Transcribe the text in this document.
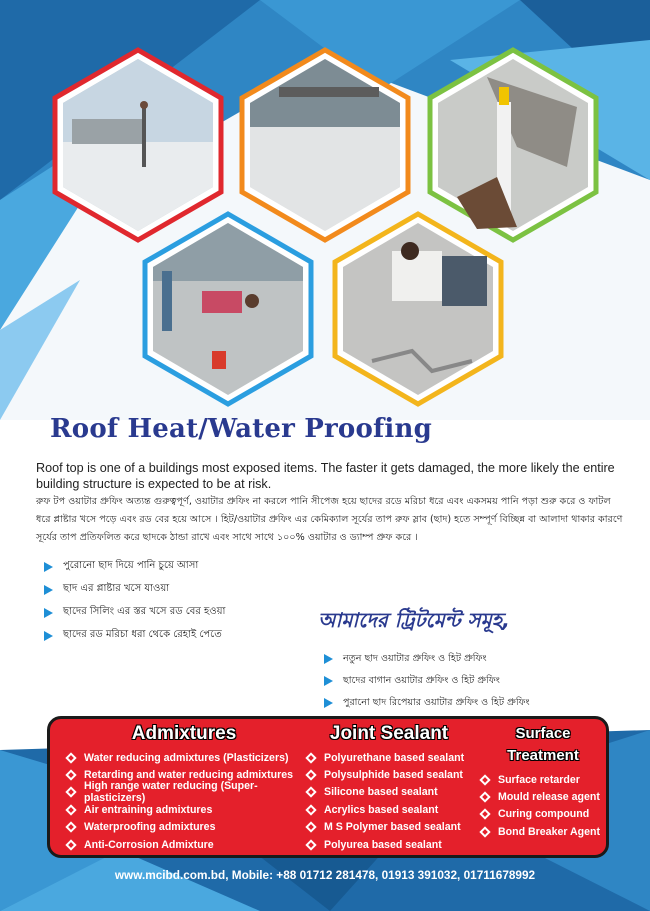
Roof Heat/Water Proofing

Roof top is one of a buildings most exposed items. The faster it gets damaged, the more likely the entire building structure is expected to be at risk.

রুফ টপ ওয়াটার প্রুফিং অত্যন্ত গুরুত্বপূর্ণ, ওয়াটার প্রুফিং না করলে পানি সীপেজ হয়ে ছাদের রডে মরিচা ধরে এবং একসময় পানি পড়া শুরু করে ও ফাটল ধরে প্লাষ্টার খসে পড়ে এবং রড বের হয়ে আসে । হিট/ওয়াটার প্রুফিং এর কেমিক্যাল সূর্যের তাপ রুফ স্লাব (ছাদ) হতে সম্পূর্ণ বিচ্ছিন্ন বা আলাদা থাকার কারণে সূর্যের তাপ প্রতিফলিত করে ছাদকে ঠান্ডা রাখে এবং সাথে সাথে ১০০% ওয়াটার ও ড্যাম্প প্রুফ করে ।

পুরোনো ছাদ দিয়ে পানি চুয়ে আসা
ছাদ এর প্লাষ্টার খসে যাওয়া
ছাদের সিলিং এর স্তর খসে রড বের হওয়া
ছাদের রড মরিচা ধরা থেকে রেহাই পেতে
আমাদের ট্রিটমেন্ট সমূহ,
নতুন ছাদ ওয়াটার প্রুফিং ও হিট প্রুফিং
ছাদের বাগান ওয়াটার প্রুফিং ও হিট প্রুফিং
পুরানো ছাদ রিপেয়ার ওয়াটার প্রুফিং ও হিট প্রুফিং
Admixtures
Water reducing admixtures (Plasticizers)
Retarding and water reducing admixtures
High range water reducing (Super-plasticizers)
Air entraining admixtures
Waterproofing admixtures
Anti-Corrosion Admixture
Joint Sealant
Polyurethane based sealant
Polysulphide based sealant
Silicone based sealant
Acrylics based sealant
M S Polymer based sealant
Polyurea based sealant
Surface Treatment
Surface retarder
Mould release agent
Curing compound
Bond Breaker Agent
www.mcibd.com.bd, Mobile: +88 01712 281478, 01913 391032, 01711678992
